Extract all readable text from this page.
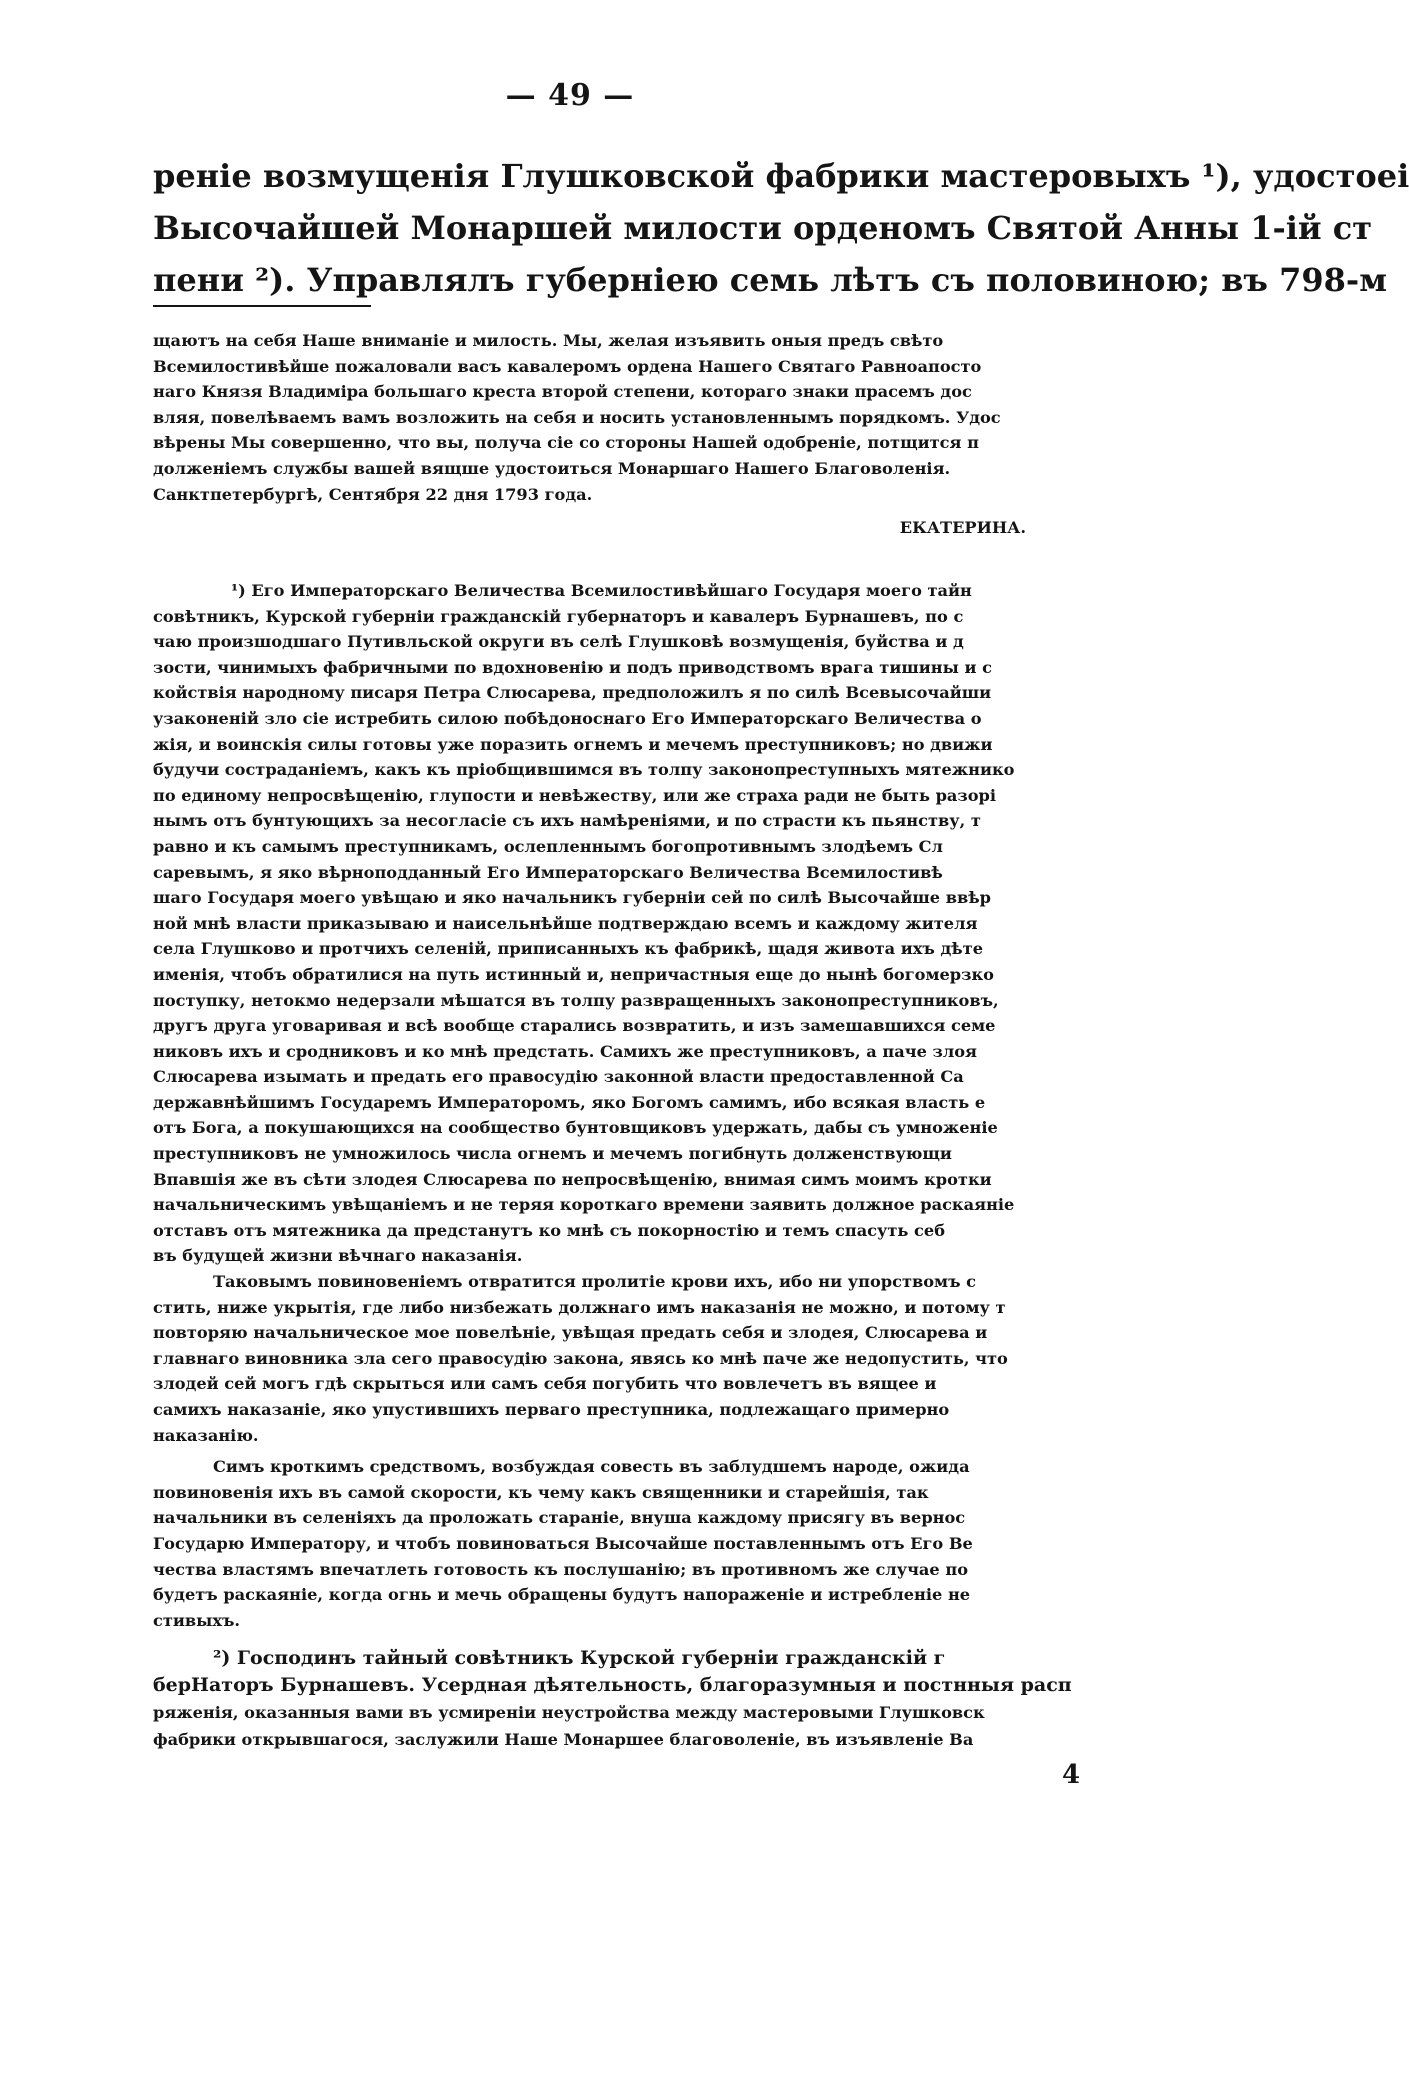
— 49 —
реніе возмущенія Глушковской фабрики мастеровыхъ ¹), удостоеі
Высочайшей Монаршей милости орденомъ Святой Анны 1-ій ст
пени ²). Управлялъ губерніею семь лѣтъ съ половиною; въ 798-м
щаютъ на себя Наше вниманіе и милость. Мы, желая изъявить оныя предъ свѣто
Всемилостивѣйше пожаловали васъ кавалеромъ ордена Нашего Святаго Равноапосто
наго Князя Владиміра большаго креста второй степени, котораго знаки прасемъ дос
вляя, повелѣваемъ вамъ возложить на себя и носить установленнымъ порядкомъ. Удос
вѣрены Мы совершенно, что вы, получа сіе со стороны Нашей одобреніе, потщится п
долженіемъ службы вашей вящше удостоиться Монаршаго Нашего Благоволенія.
Санктпетербургѣ, Сентября 22 дня 1793 года.
ЕКАТЕРИНА.
¹) Его Императорскаго Величества Всемилостивѣйшаго Государя моего тайн
совѣтникъ, Курской губерніи гражданскій губернаторъ и кавалеръ Бурнашевъ, по с
чаю произшодшаго Путивльской округи въ селѣ Глушковѣ возмущенія, буйства и д
зости, чинимыхъ фабричными по вдохновенію и подъ приводствомъ врага тишины и с
койствія народному писаря Петра Слюсарева, предположилъ я по силѣ Всевысочайши
узаконеній зло сіе истребить силою побѣдоноснаго Его Императорскаго Величества о
жія, и воинскія силы готовы уже поразить огнемъ и мечемъ преступниковъ; но движи
будучи состраданіемъ, какъ къ пріобщившимся въ толпу законопреступныхъ мятежнико
по единому непросвѣщенію, глупости и невѣжеству, или же страха ради не быть разорі
нымъ отъ бунтующихъ за несогласіе съ ихъ намѣреніями, и по страсти къ пьянству, т
равно и къ самымъ преступникамъ, ослепленнымъ богопротивнымъ злодѣемъ Сл
саревымъ, я яко вѣрноподданный Его Императорскаго Величества Всемилостивѣ
шаго Государя моего увѣщаю и яко начальникъ губерніи сей по силѣ Высочайше ввѣр
ной мнѣ власти приказываю и наисельнѣйше подтверждаю всемъ и каждому жителя
села Глушково и протчихъ селеній, приписанныхъ къ фабрикѣ, щадя живота ихъ дѣте
именія, чтобъ обратилися на путь истинный и, непричастныя еще до нынѣ богомерзко
поступку, нетокмо недерзали мѣшатся въ толпу развращенныхъ законопреступниковъ,
другъ друга уговаривая и всѣ вообще старались возвратить, и изъ замешавшихся семе
никовъ ихъ и сродниковъ и ко мнѣ предстать. Самихъ же преступниковъ, а паче злоя
Слюсарева изымать и предать его правосудію законной власти предоставленной Са
державнѣйшимъ Государемъ Императоромъ, яко Богомъ самимъ, ибо всякая власть е
отъ Бога, а покушающихся на сообщество бунтовщиковъ удержать, дабы съ умноженіе
преступниковъ не умножилось числа огнемъ и мечемъ погибнуть долженствующи
Впавшія же въ сѣти злодея Слюсарева по непросвѣщенію, внимая симъ моимъ кротки
начальническимъ увѣщаніемъ и не теряя короткаго времени заявить должное раскаяніе
отставъ отъ мятежника да предстанутъ ко мнѣ съ покорностію и темъ спасуть себ
въ будущей жизни вѣчнаго наказанія.
Таковымъ повиновеніемъ отвратится пролитіе крови ихъ, ибо ни упорствомъ с
стить, ниже укрытія, где либо низбежать должнаго имъ наказанія не можно, и потому т
повторяю начальническое мое повелѣніе, увѣщая предать себя и злодея, Слюсарева и
главнаго виновника зла сего правосудію закона, явясь ко мнѣ паче же недопустить, что
злодей сей могъ гдѣ скрыться или самъ себя погубить что вовлечетъ въ вящее и
самихъ наказаніе, яко упустившихъ перваго преступника, подлежащаго примерно
наказанію.
Симъ кроткимъ средствомъ, возбуждая совесть въ заблудшемъ народе, ожида
повиновенія ихъ въ самой скорости, къ чему какъ священники и старейшія, так
начальники въ селеніяхъ да проложать стараніе, внуша каждому присягу въ вернос
Государю Императору, и чтобъ повиноваться Высочайше поставленнымъ отъ Его Ве
чества властямъ впечатлеть готовость къ послушанію; въ противномъ же случае по
будетъ раскаяніе, когда огнь и мечь обращены будутъ напораженіе и истребленіе не
стивыхъ.
²) Господинъ тайный совѣтникъ Курской губерніи гражданскій г
берНаторъ Бурнашевъ. Усердная дѣятельность, благоразумныя и постнныя расп
ряженія, оказанныя вами въ усмиреніи неустройства между мастеровыми Глушковск
фабрики открывшагося, заслужили Наше Монаршее благоволеніе, въ изъявленіе Ва
4
